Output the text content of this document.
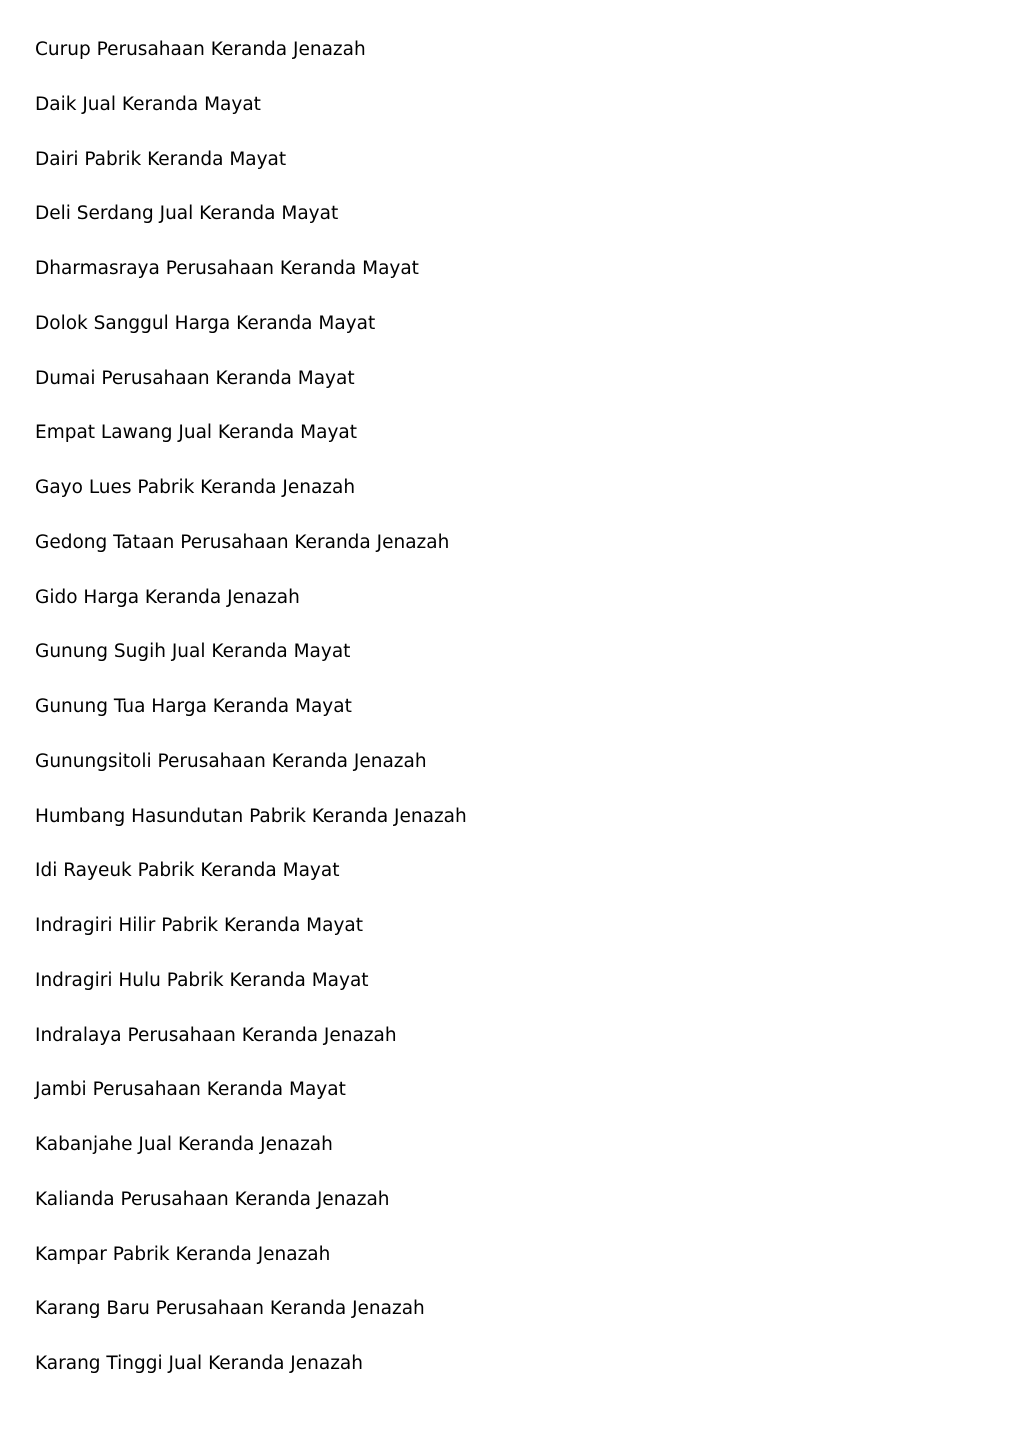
Curup Perusahaan Keranda Jenazah
Daik Jual Keranda Mayat
Dairi Pabrik Keranda Mayat
Deli Serdang Jual Keranda Mayat
Dharmasraya Perusahaan Keranda Mayat
Dolok Sanggul Harga Keranda Mayat
Dumai Perusahaan Keranda Mayat
Empat Lawang Jual Keranda Mayat
Gayo Lues Pabrik Keranda Jenazah
Gedong Tataan Perusahaan Keranda Jenazah
Gido Harga Keranda Jenazah
Gunung Sugih Jual Keranda Mayat
Gunung Tua Harga Keranda Mayat
Gunungsitoli Perusahaan Keranda Jenazah
Humbang Hasundutan Pabrik Keranda Jenazah
Idi Rayeuk Pabrik Keranda Mayat
Indragiri Hilir Pabrik Keranda Mayat
Indragiri Hulu Pabrik Keranda Mayat
Indralaya Perusahaan Keranda Jenazah
Jambi Perusahaan Keranda Mayat
Kabanjahe Jual Keranda Jenazah
Kalianda Perusahaan Keranda Jenazah
Kampar Pabrik Keranda Jenazah
Karang Baru Perusahaan Keranda Jenazah
Karang Tinggi Jual Keranda Jenazah
